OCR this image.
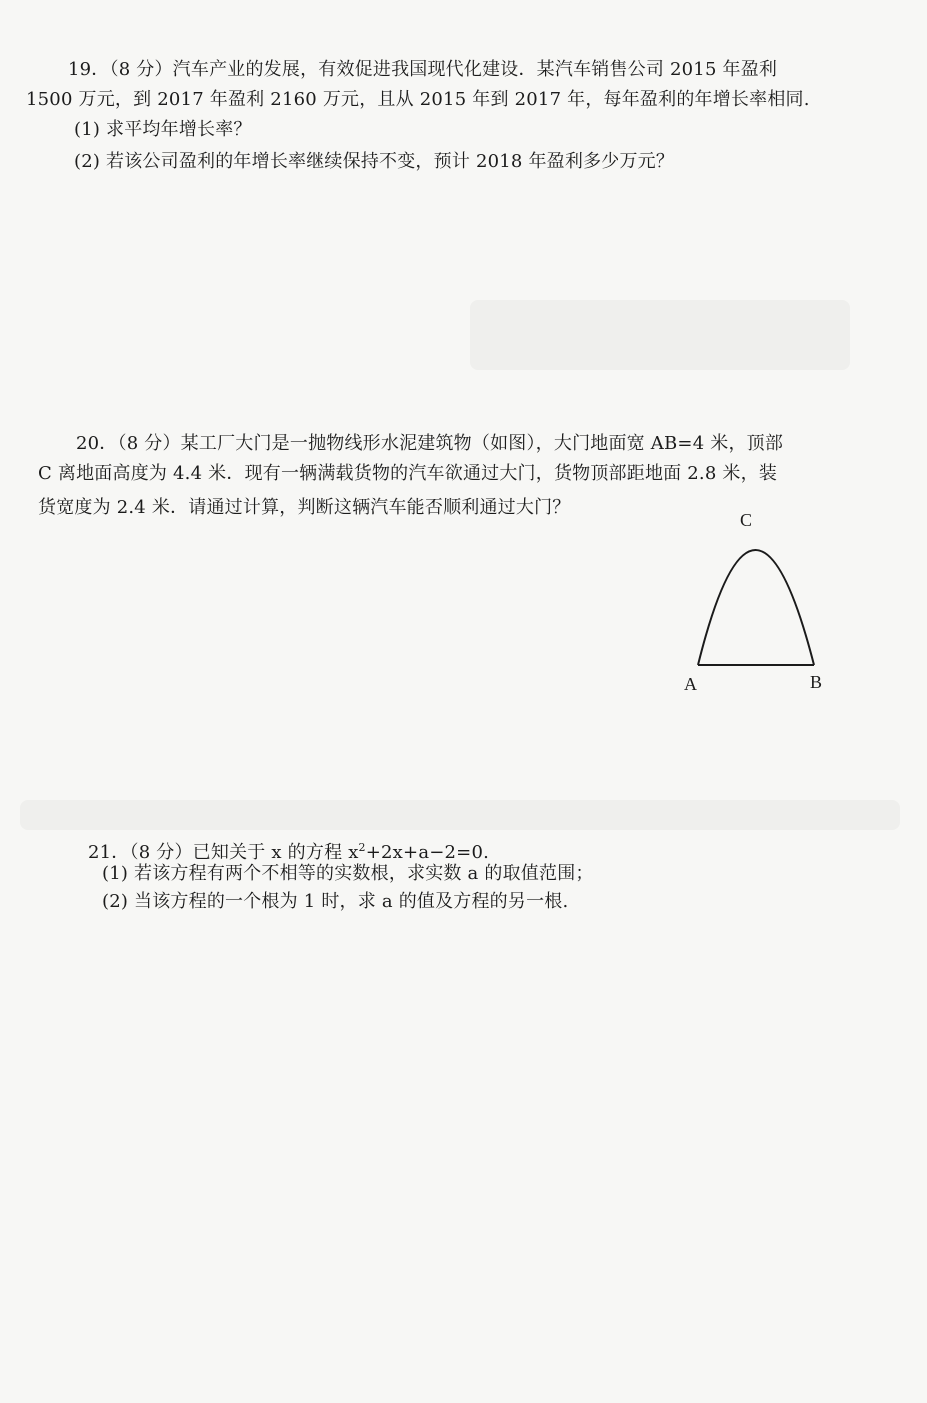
19．（8 分）汽车产业的发展，有效促进我国现代化建设．某汽车销售公司 2015 年盈利
1500 万元，到 2017 年盈利 2160 万元，且从 2015 年到 2017 年，每年盈利的年增长率相同.
(1) 求平均年增长率？
(2) 若该公司盈利的年增长率继续保持不变，预计 2018 年盈利多少万元？
20．（8 分）某工厂大门是一抛物线形水泥建筑物（如图），大门地面宽 AB=4 米，顶部
C 离地面高度为 4.4 米．现有一辆满载货物的汽车欲通过大门，货物顶部距地面 2.8 米，装
货宽度为 2.4 米．请通过计算，判断这辆汽车能否顺利通过大门？
C
A	B
21．（8 分）已知关于 x 的方程 $x^2+2x+a-2=0$.
(1) 若该方程有两个不相等的实数根，求实数 a 的取值范围；
(2) 当该方程的一个根为 1 时，求 a 的值及方程的另一根.
